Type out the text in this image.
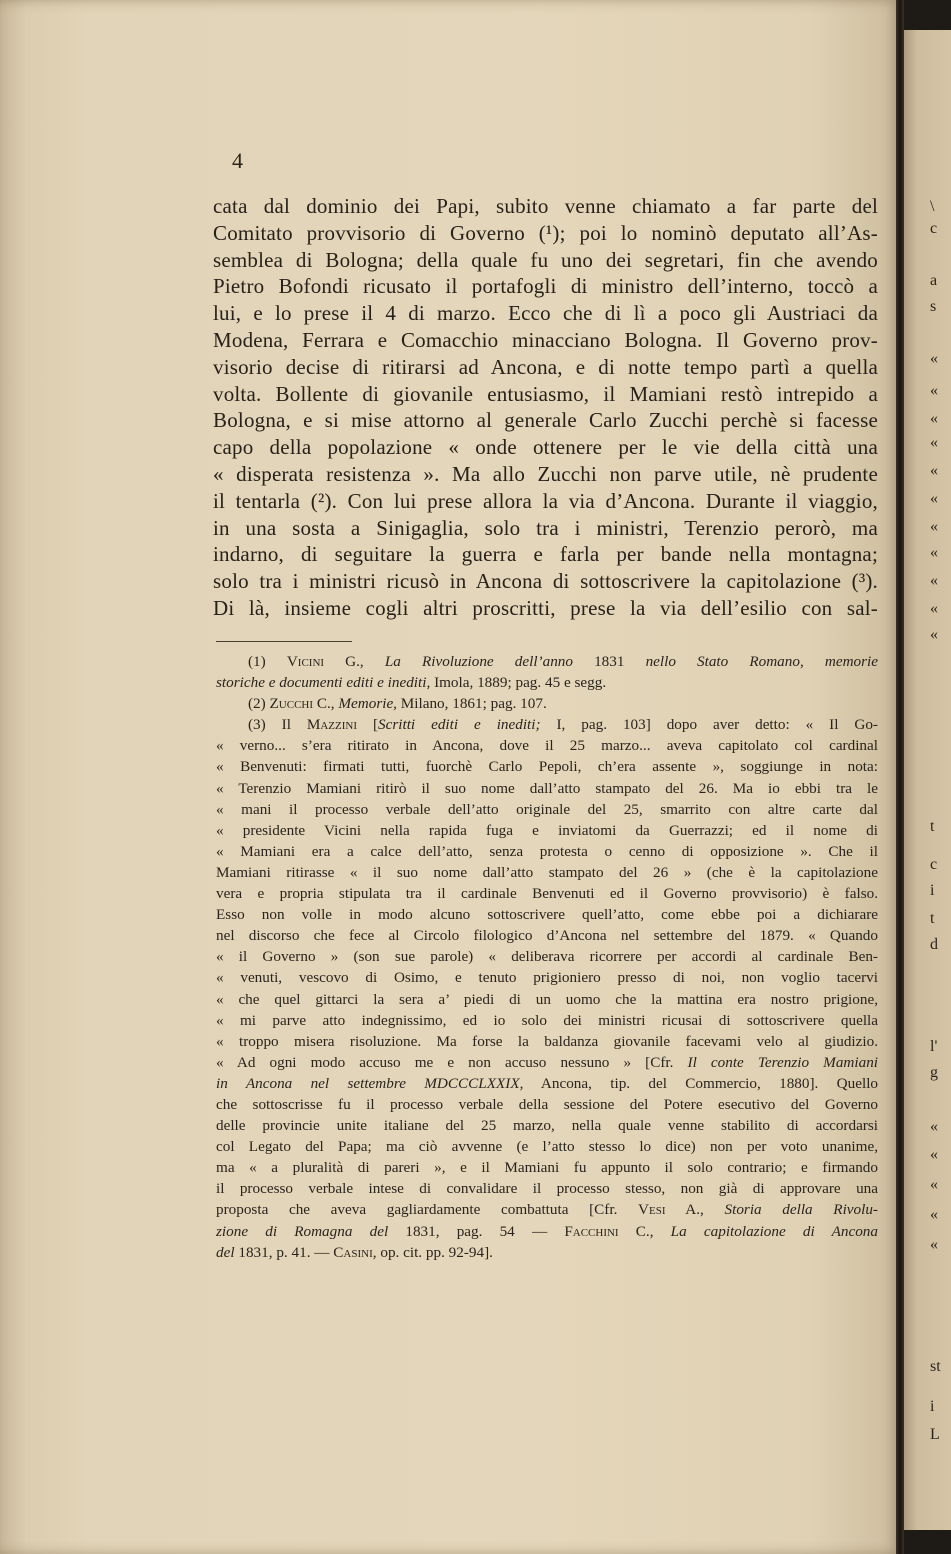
4
cata dal dominio dei Papi, subito venne chiamato a far parte del
Comitato provvisorio di Governo (¹); poi lo nominò deputato all’As-
semblea di Bologna; della quale fu uno dei segretari, fin che avendo
Pietro Bofondi ricusato il portafogli di ministro dell’interno, toccò a
lui, e lo prese il 4 di marzo. Ecco che di lì a poco gli Austriaci da
Modena, Ferrara e Comacchio minacciano Bologna. Il Governo prov-
visorio decise di ritirarsi ad Ancona, e di notte tempo partì a quella
volta. Bollente di giovanile entusiasmo, il Mamiani restò intrepido a
Bologna, e si mise attorno al generale Carlo Zucchi perchè si facesse
capo della popolazione « onde ottenere per le vie della città una
« disperata resistenza ». Ma allo Zucchi non parve utile, nè prudente
il tentarla (²). Con lui prese allora la via d’Ancona. Durante il viaggio,
in una sosta a Sinigaglia, solo tra i ministri, Terenzio perorò, ma
indarno, di seguitare la guerra e farla per bande nella montagna;
solo tra i ministri ricusò in Ancona di sottoscrivere la capitolazione (³).
Di là, insieme cogli altri proscritti, prese la via dell’esilio con sal-
(1) Vicini G., La Rivoluzione dell’anno 1831 nello Stato Romano, memorie
storiche e documenti editi e inediti, Imola, 1889; pag. 45 e segg.
(2) Zucchi C., Memorie, Milano, 1861; pag. 107.
(3) Il Mazzini [Scritti editi e inediti; I, pag. 103] dopo aver detto: « Il Go-
« verno... s’era ritirato in Ancona, dove il 25 marzo... aveva capitolato col cardinal
« Benvenuti: firmati tutti, fuorchè Carlo Pepoli, ch’era assente », soggiunge in nota:
« Terenzio Mamiani ritirò il suo nome dall’atto stampato del 26. Ma io ebbi tra le
« mani il processo verbale dell’atto originale del 25, smarrito con altre carte dal
« presidente Vicini nella rapida fuga e inviatomi da Guerrazzi; ed il nome di
« Mamiani era a calce dell’atto, senza protesta o cenno di opposizione ». Che il
Mamiani ritirasse « il suo nome dall’atto stampato del 26 » (che è la capitolazione
vera e propria stipulata tra il cardinale Benvenuti ed il Governo provvisorio) è falso.
Esso non volle in modo alcuno sottoscrivere quell’atto, come ebbe poi a dichiarare
nel discorso che fece al Circolo filologico d’Ancona nel settembre del 1879. « Quando
« il Governo » (son sue parole) « deliberava ricorrere per accordi al cardinale Ben-
« venuti, vescovo di Osimo, e tenuto prigioniero presso di noi, non voglio tacervi
« che quel gittarci la sera a’ piedi di un uomo che la mattina era nostro prigione,
« mi parve atto indegnissimo, ed io solo dei ministri ricusai di sottoscrivere quella
« troppo misera risoluzione. Ma forse la baldanza giovanile facevami velo al giudizio.
« Ad ogni modo accuso me e non accuso nessuno » [Cfr. Il conte Terenzio Mamiani
in Ancona nel settembre MDCCCLXXIX, Ancona, tip. del Commercio, 1880]. Quello
che sottoscrisse fu il processo verbale della sessione del Potere esecutivo del Governo
delle provincie unite italiane del 25 marzo, nella quale venne stabilito di accordarsi
col Legato del Papa; ma ciò avvenne (e l’atto stesso lo dice) non per voto unanime,
ma « a pluralità di pareri », e il Mamiani fu appunto il solo contrario; e firmando
il processo verbale intese di convalidare il processo stesso, non già di approvare una
proposta che aveva gagliardamente combattuta [Cfr. Vesi A., Storia della Rivolu-
zione di Romagna del 1831, pag. 54 — Facchini C., La capitolazione di Ancona
del 1831, p. 41. — Casini, op. cit. pp. 92-94].
\
c
a
s
«
«
«
«
«
«
«
«
«
«
«
t
c
i
t
d
l'
g
«
«
«
«
«
st
i
L
